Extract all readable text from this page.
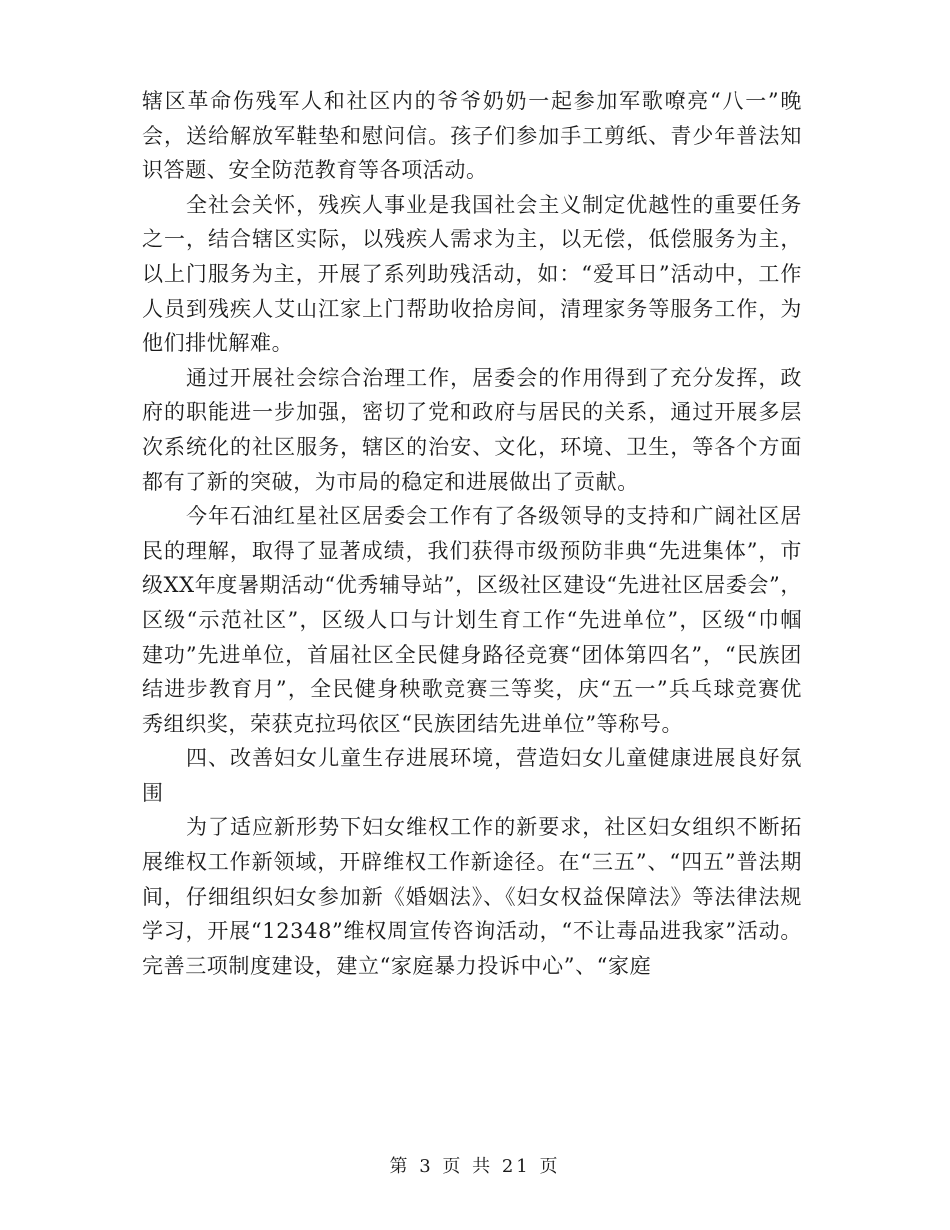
辖区革命伤残军人和社区内的爷爷奶奶一起参加军歌嘹亮“八一”晚会，送给解放军鞋垫和慰问信。孩子们参加手工剪纸、青少年普法知识答题、安全防范教育等各项活动。

全社会关怀，残疾人事业是我国社会主义制定优越性的重要任务之一，结合辖区实际，以残疾人需求为主，以无偿，低偿服务为主，以上门服务为主，开展了系列助残活动，如：“爱耳日”活动中，工作人员到残疾人艾山江家上门帮助收拾房间，清理家务等服务工作，为他们排忧解难。

通过开展社会综合治理工作，居委会的作用得到了充分发挥，政府的职能进一步加强，密切了党和政府与居民的关系，通过开展多层次系统化的社区服务，辖区的治安、文化，环境、卫生，等各个方面都有了新的突破，为市局的稳定和进展做出了贡献。

今年石油红星社区居委会工作有了各级领导的支持和广阔社区居民的理解，取得了显著成绩，我们获得市级预防非典“先进集体”，市级XX年度暑期活动“优秀辅导站”，区级社区建设“先进社区居委会”，区级“示范社区”，区级人口与计划生育工作“先进单位”，区级“巾帼建功”先进单位，首届社区全民健身路径竞赛“团体第四名”，“民族团结进步教育月”，全民健身秧歌竞赛三等奖，庆“五一”兵乓球竞赛优秀组织奖，荣获克拉玛依区“民族团结先进单位”等称号。

四、改善妇女儿童生存进展环境，营造妇女儿童健康进展良好氛围

为了适应新形势下妇女维权工作的新要求，社区妇女组织不断拓展维权工作新领域，开辟维权工作新途径。在“三五”、“四五”普法期间，仔细组织妇女参加新《婚姻法》、《妇女权益保障法》等法律法规学习，开展“12348”维权周宣传咨询活动，“不让毒品进我家”活动。完善三项制度建设，建立“家庭暴力投诉中心”、“家庭

第 3 页 共 21 页
